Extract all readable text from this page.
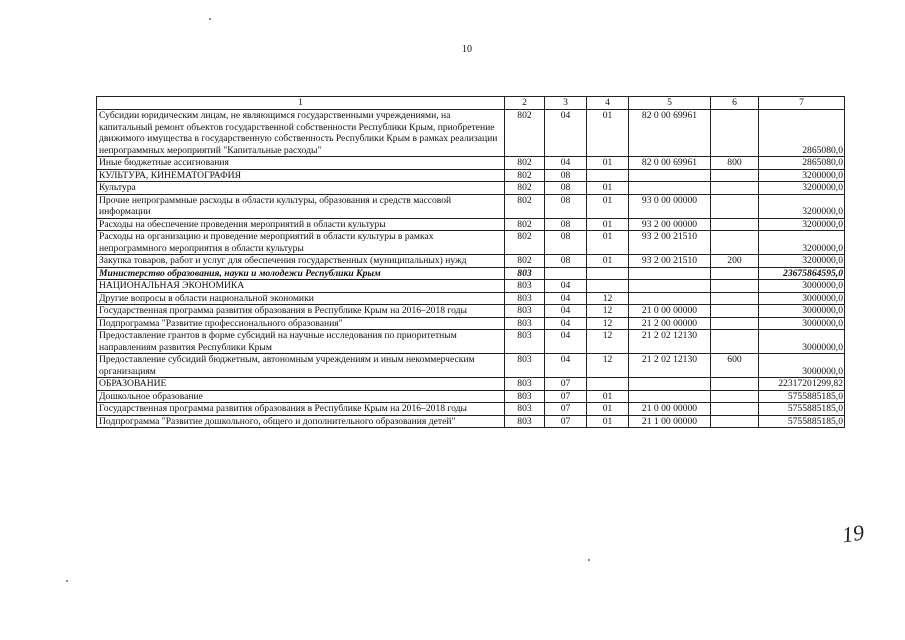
10
1	2	3	4	5	6	7
Субсидии юридическим лицам, не являющимся государственными учреждениями, на капитальный ремонт объектов государственной собственности Республики Крым, приобретение движимого имущества в государственную собственность Республики Крым в рамках реализации непрограммных мероприятий "Капитальные расходы"	802	04	01	82 0 00 69961		2865080,0
Иные бюджетные ассигнования	802	04	01	82 0 00 69961	800	2865080,0
КУЛЬТУРА, КИНЕМАТОГРАФИЯ	802	08				3200000,0
Культура	802	08	01			3200000,0
Прочие непрограммные расходы в области культуры, образования и средств массовой информации	802	08	01	93 0 00 00000		3200000,0
Расходы на обеспечение проведения мероприятий в области культуры	802	08	01	93 2 00 00000		3200000,0
Расходы на организацию и проведение мероприятий в области культуры в рамках непрограммного мероприятия в области культуры	802	08	01	93 2 00 21510		3200000,0
Закупка товаров, работ и услуг для обеспечения государственных (муниципальных) нужд	802	08	01	93 2 00 21510	200	3200000,0
Министерство образования, науки и молодежи Республики Крым	803					23675864595,0
НАЦИОНАЛЬНАЯ ЭКОНОМИКА	803	04				3000000,0
Другие вопросы в области национальной экономики	803	04	12			3000000,0
Государственная программа развития образования в Республике Крым на 2016–2018 годы	803	04	12	21 0 00 00000		3000000,0
Подпрограмма "Развитие профессионального образования"	803	04	12	21 2 00 00000		3000000,0
Предоставление грантов в форме субсидий на научные исследования по приоритетным направлениям развития Республики Крым	803	04	12	21 2 02 12130		3000000,0
Предоставление субсидий бюджетным, автономным учреждениям и иным некоммерческим организациям	803	04	12	21 2 02 12130	600	3000000,0
ОБРАЗОВАНИЕ	803	07				22317201299,82
Дошкольное образование	803	07	01			5755885185,0
Государственная программа развития образования в Республике Крым на 2016–2018 годы	803	07	01	21 0 00 00000		5755885185,0
Подпрограмма "Развитие дошкольного, общего и дополнительного образования детей"	803	07	01	21 1 00 00000		5755885185,0
19
